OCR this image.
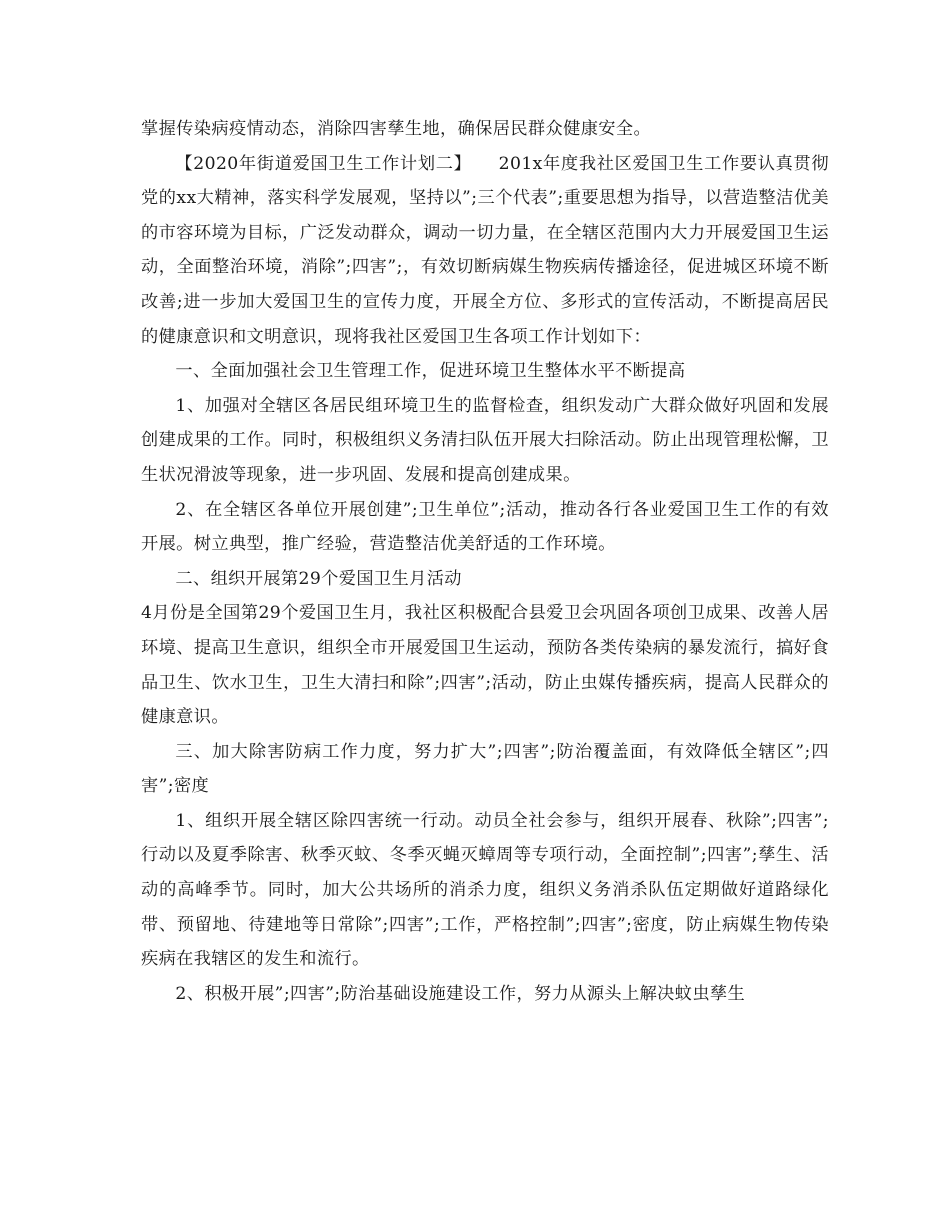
掌握传染病疫情动态，消除四害孳生地，确保居民群众健康安全。

【2020年街道爱国卫生工作计划二】　　201x年度我社区爱国卫生工作要认真贯彻党的xx大精神，落实科学发展观，坚持以”;三个代表”;重要思想为指导，以营造整洁优美的市容环境为目标，广泛发动群众，调动一切力量，在全辖区范围内大力开展爱国卫生运动，全面整治环境，消除”;四害”;，有效切断病媒生物疾病传播途径，促进城区环境不断改善;进一步加大爱国卫生的宣传力度，开展全方位、多形式的宣传活动，不断提高居民的健康意识和文明意识，现将我社区爱国卫生各项工作计划如下：

一、全面加强社会卫生管理工作，促进环境卫生整体水平不断提高

1、加强对全辖区各居民组环境卫生的监督检查，组织发动广大群众做好巩固和发展创建成果的工作。同时，积极组织义务清扫队伍开展大扫除活动。防止出现管理松懈，卫生状况滑波等现象，进一步巩固、发展和提高创建成果。

2、在全辖区各单位开展创建”;卫生单位”;活动，推动各行各业爱国卫生工作的有效开展。树立典型，推广经验，营造整洁优美舒适的工作环境。

二、组织开展第29个爱国卫生月活动

4月份是全国第29个爱国卫生月，我社区积极配合县爱卫会巩固各项创卫成果、改善人居环境、提高卫生意识，组织全市开展爱国卫生运动，预防各类传染病的暴发流行，搞好食品卫生、饮水卫生，卫生大清扫和除”;四害”;活动，防止虫媒传播疾病，提高人民群众的健康意识。

三、加大除害防病工作力度，努力扩大”;四害”;防治覆盖面，有效降低全辖区”;四害”;密度

1、组织开展全辖区除四害统一行动。动员全社会参与，组织开展春、秋除”;四害”;行动以及夏季除害、秋季灭蚊、冬季灭蝇灭蟑周等专项行动，全面控制”;四害”;孳生、活动的高峰季节。同时，加大公共场所的消杀力度，组织义务消杀队伍定期做好道路绿化带、预留地、待建地等日常除”;四害”;工作，严格控制”;四害”;密度，防止病媒生物传染疾病在我辖区的发生和流行。

2、积极开展”;四害”;防治基础设施建设工作，努力从源头上解决蚊虫孳生
